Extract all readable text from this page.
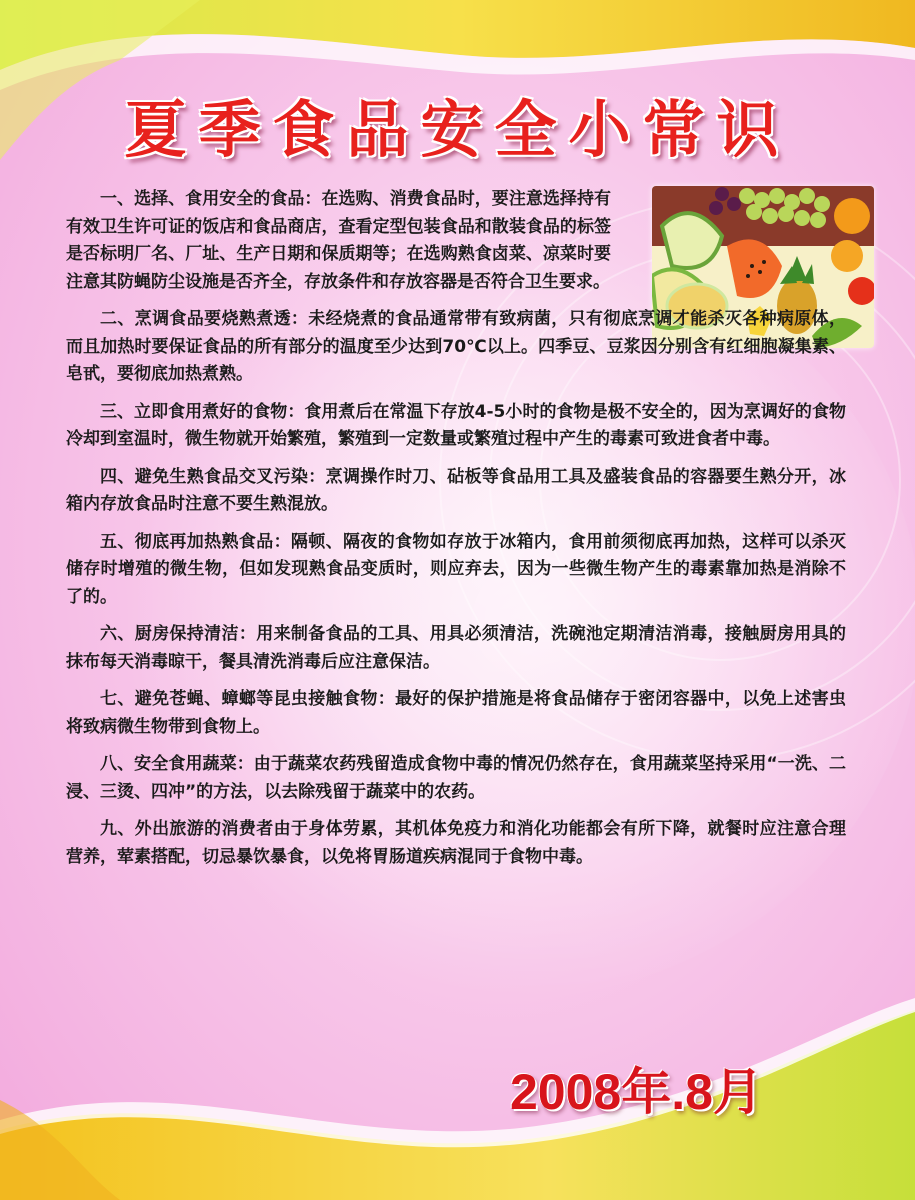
夏季食品安全小常识

一、选择、食用安全的食品：在选购、消费食品时，要注意选择持有有效卫生许可证的饭店和食品商店，查看定型包装食品和散装食品的标签是否标明厂名、厂址、生产日期和保质期等；在选购熟食卤菜、凉菜时要注意其防蝇防尘设施是否齐全，存放条件和存放容器是否符合卫生要求。

二、烹调食品要烧熟煮透：未经烧煮的食品通常带有致病菌，只有彻底烹调才能杀灭各种病原体，而且加热时要保证食品的所有部分的温度至少达到70℃以上。四季豆、豆浆因分别含有红细胞凝集素、皂甙，要彻底加热煮熟。

三、立即食用煮好的食物：食用煮后在常温下存放4-5小时的食物是极不安全的，因为烹调好的食物冷却到室温时，微生物就开始繁殖，繁殖到一定数量或繁殖过程中产生的毒素可致进食者中毒。

四、避免生熟食品交叉污染：烹调操作时刀、砧板等食品用工具及盛装食品的容器要生熟分开，冰箱内存放食品时注意不要生熟混放。

五、彻底再加热熟食品：隔顿、隔夜的食物如存放于冰箱内，食用前须彻底再加热，这样可以杀灭储存时增殖的微生物，但如发现熟食品变质时，则应弃去，因为一些微生物产生的毒素靠加热是消除不了的。

六、厨房保持清洁：用来制备食品的工具、用具必须清洁，洗碗池定期清洁消毒，接触厨房用具的抹布每天消毒晾干，餐具清洗消毒后应注意保洁。

七、避免苍蝇、蟑螂等昆虫接触食物：最好的保护措施是将食品储存于密闭容器中，以免上述害虫将致病微生物带到食物上。

八、安全食用蔬菜：由于蔬菜农药残留造成食物中毒的情况仍然存在，食用蔬菜坚持采用“一洗、二浸、三烫、四冲”的方法，以去除残留于蔬菜中的农药。

九、外出旅游的消费者由于身体劳累，其机体免疫力和消化功能都会有所下降，就餐时应注意合理营养，荤素搭配，切忌暴饮暴食，以免将胃肠道疾病混同于食物中毒。

2008年.8月
